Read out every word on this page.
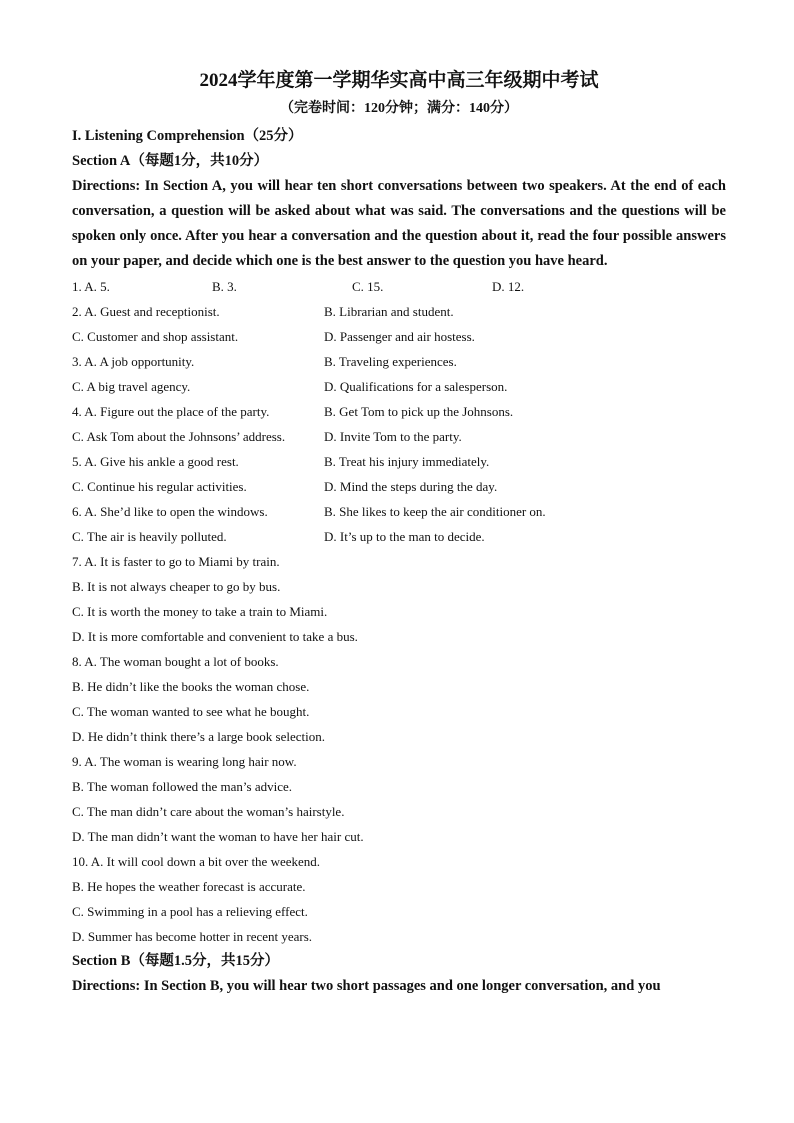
2024学年度第一学期华实高中高三年级期中考试

（完卷时间：120分钟；满分：140分）

I. Listening Comprehension（25分）

Section A（每题1分，共10分）

Directions: In Section A, you will hear ten short conversations between two speakers. At the end of each conversation, a question will be asked about what was said. The conversations and the questions will be spoken only once. After you hear a conversation and the question about it, read the four possible answers on your paper, and decide which one is the best answer to the question you have heard.

1. A. 5.	B. 3.	C. 15.	D. 12.
2. A. Guest and receptionist.	B. Librarian and student.
C. Customer and shop assistant.	D. Passenger and air hostess.
3. A. A job opportunity.	B. Traveling experiences.
C. A big travel agency.	D. Qualifications for a salesperson.
4. A. Figure out the place of the party.	B. Get Tom to pick up the Johnsons.
C. Ask Tom about the Johnsons’ address.	D. Invite Tom to the party.
5. A. Give his ankle a good rest.	B. Treat his injury immediately.
C. Continue his regular activities.	D. Mind the steps during the day.
6. A. She’d like to open the windows.	B. She likes to keep the air conditioner on.
C. The air is heavily polluted.	D. It’s up to the man to decide.
7. A. It is faster to go to Miami by train.
B. It is not always cheaper to go by bus.
C. It is worth the money to take a train to Miami.
D. It is more comfortable and convenient to take a bus.
8. A. The woman bought a lot of books.
B. He didn’t like the books the woman chose.
C. The woman wanted to see what he bought.
D. He didn’t think there’s a large book selection.
9. A. The woman is wearing long hair now.
B. The woman followed the man’s advice.
C. The man didn’t care about the woman’s hairstyle.
D. The man didn’t want the woman to have her hair cut.
10. A. It will cool down a bit over the weekend.
B. He hopes the weather forecast is accurate.
C. Swimming in a pool has a relieving effect.
D. Summer has become hotter in recent years.

Section B（每题1.5分，共15分）

Directions: In Section B, you will hear two short passages and one longer conversation, and you
